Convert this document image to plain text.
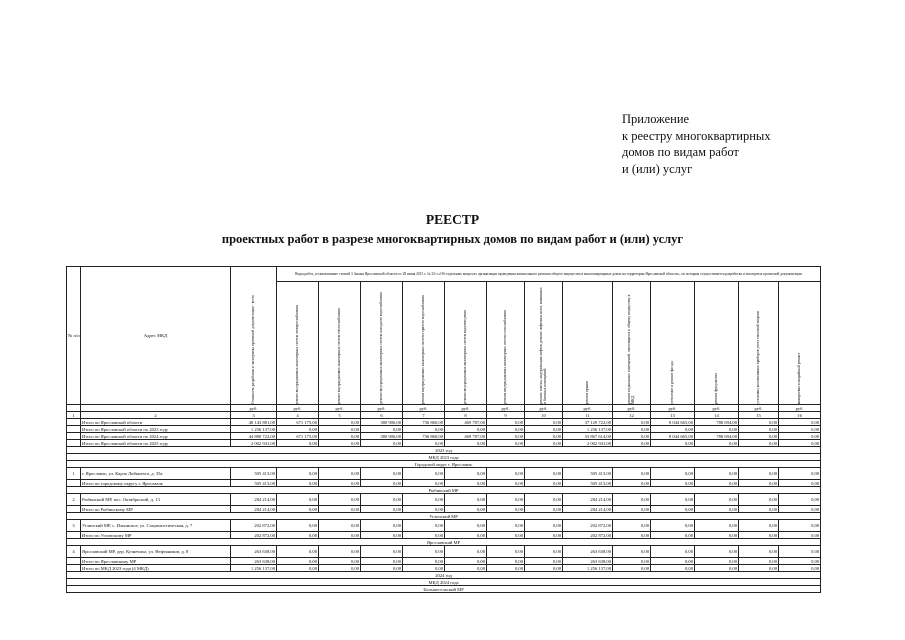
Приложение
к реестру многоквартирных
домов по видам работ
и (или) услуг
РЕЕСТР
проектных работ в разрезе многоквартирных домов по видам работ и (или) услуг
№ п/п	Адрес МКД	Стоимость разработки и экспертизы проектной документации - всего	Виды работ, установленные статьей 3 Закона Ярославской области от 28 июня 2013 г. № 32-з «Об отдельных вопросах организации проведения капитального ремонта общего имущества в многоквартирных домах на территории Ярославской области», по которым осуществляется разработка и экспертиза проектной документации												

			ремонт внутридомовых инженерных систем электроснабжения	ремонт внутридомовых инженерных систем теплоснабжения	ремонт внутридомовых инженерных систем холодного водоснабжения	ремонт внутридомовых инженерных систем горячего водоснабжения	ремонт внутридомовых инженерных систем водоотведения	ремонт внутридомовых инженерных систем газоснабжения	ремонт, замена, модернизация лифтов, ремонт лифтовых шахт, машинных и блочных помещений	ремонт крыши	ремонт подвальных помещений, относящихся к общему имуществу в МКД	утепление и ремонт фасада	ремонт фундамента	установка коллективных приборов учета тепловой энергии	выкорчевка и аварийный ремонт

		руб.	руб.	руб.	руб.	руб.	руб.	руб.	руб.	руб.	руб.	руб.	руб.	руб.	руб.
1	2	3	4	5	6	7	8	9	10	11	12	13	14	15	16
	Итого по Ярославской области	48 143 881,00	671 175,00	0,00	380 906,00	736 860,00	469 787,00	0,00	0,00	37 129 722,00	0,00	8 044 665,00	788 694,00	0,00	0,00
	Итого по Ярославской области по 2023 году	1 256 137,00	0,00	0,00	0,00	0,00	0,00	0,00	0,00	1 256 137,00	0,00	0,00	0,00	0,00	0,00
	Итого по Ярославской области по 2024 году	44 880 722,00	671 175,00	0,00	380 906,00	736 860,00	469 787,00	0,00	0,00	33 867 614,00	0,00	8 044 665,00	788 694,00	0,00	0,00
	Итого по Ярославской области по 2025 году	2 002 941,00	0,00	0,00	0,00	0,00	0,00	0,00	0,00	2 002 941,00	0,00	0,00	0,00	0,00	0,00
2023 год															
МКД 2023 года															
Городской округ г. Ярославль															
1	г. Ярославль, ул. Карла Либкнехта, д. 35а	505 413,00	0,00	0,00	0,00	0,00	0,00	0,00	0,00	505 413,00	0,00	0,00	0,00	0,00	0,00
	Итого по городскому округу г. Ярославль	505 413,00	0,00	0,00	0,00	0,00	0,00	0,00	0,00	505 413,00	0,00	0,00	0,00	0,00	0,00
Рыбинский МР															
2	Рыбинский МР, пос. Октябрьский, д. 13	284 214,00	0,00	0,00	0,00	0,00	0,00	0,00	0,00	284 214,00	0,00	0,00	0,00	0,00	0,00
	Итого по Рыбинскому МР	284 214,00	0,00	0,00	0,00	0,00	0,00	0,00	0,00	284 214,00	0,00	0,00	0,00	0,00	0,00
Угличский МР															
3	Угличский МР, с. Ильинское, ул. Социалистическая, д. 7	202 872,00	0,00	0,00	0,00	0,00	0,00	0,00	0,00	202 872,00	0,00	0,00	0,00	0,00	0,00
	Итого по Угличскому МР	202 872,00	0,00	0,00	0,00	0,00	0,00	0,00	0,00	202 872,00	0,00	0,00	0,00	0,00	0,00
Ярославский МР															
4	Ярославский МР, дер. Кузнечиха, ул. Нефтяников, д. 8	263 638,00	0,00	0,00	0,00	0,00	0,00	0,00	0,00	263 638,00	0,00	0,00	0,00	0,00	0,00
	Итого по Ярославскому МР	263 638,00	0,00	0,00	0,00	0,00	0,00	0,00	0,00	263 638,00	0,00	0,00	0,00	0,00	0,00
	Итого по МКД 2023 года (4 МКД)	1 256 137,00	0,00	0,00	0,00	0,00	0,00	0,00	0,00	1 256 137,00	0,00	0,00	0,00	0,00	0,00
2024 год															
МКД 2024 года															
Большесельский МР															
